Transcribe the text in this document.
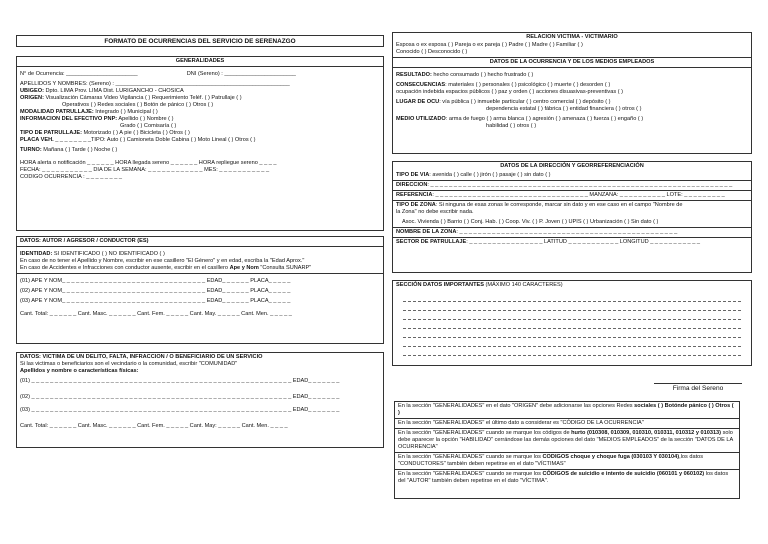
FORMATO DE OCURRENCIAS DEL SERVICIO DE SERENAZGO
GENERALIDADES
N° de Ocurrencia: _______________________	DNI (Sereno) : _______________________
APELLIDOS Y NOMBRES: (Sereno) : ________________________________________________________
UBIGEO: Dpto. LIMA Prov. LIMA Dist. LURIGANCHO - CHOSICA
ORIGEN: Visualización Cámaras Video Vigilancia ( ) Requerimiento Teléf. ( ) Patrullaje ( )
Operativos ( ) Redes sociales ( ) Botón de pánico ( ) Otros ( )
MODALIDAD PATRULLAJE: Integrado ( ) Municipal ( )
INFORMACIÓN DEL EFECTIVO PNP: Apellido ( ) Nombre ( )
Grado ( ) Comisaría ( )
TIPO DE PATRULLAJE: Motorizado ( ) A pie ( ) Bicicleta ( ) Otros ( )
PLACA VEH. _ _ _ _ _ _ _ _TIPO: Auto ( ) Camioneta Doble Cabina ( ) Moto Lineal ( ) Otros ( )
TURNO: Mañana ( ) Tarde ( ) Noche ( )
HORA alerta o notificación _ _ _ _ _ _ HORA llegada sereno _ _ _ _ _ _ HORA repliegue sereno _ _ _ _
FECHA: _ _ _ _ _ _ _ _ _ _ _ DIA DE LA SEMANA: _ _ _ _ _ _ _ _ _ _ _ _ MES: _ _ _ _ _ _ _ _ _ _ _
CÓDIGO OCURRENCIA : _ _ _ _ _ _ _ _
DATOS: AUTOR / AGRESOR / CONDUCTOR (ES)
IDENTIDAD: SI IDENTIFICADO ( ) NO IDENTIFICADO ( )
En caso de no tener el Apellido y Nombre, escribir en ese casillero "El Género" y en edad, escriba la "Edad Aprox."
En caso de Accidentes e Infracciones con conductor ausente, escribir en el casillero Ape y Nom "Consulta SUNARP"
(01) APE Y NOM_ _ _ _ _ _ _ _ _ _ _ _ _ _ _ _ _ _ _ _ _ _ _ _ _ _ _ _ _ _ _ EDAD_ _ _ _ _ _ PLACA_ _ _ _ _
(02) APE Y NOM_ _ _ _ _ _ _ _ _ _ _ _ _ _ _ _ _ _ _ _ _ _ _ _ _ _ _ _ _ _ _ EDAD_ _ _ _ _ _ PLACA_ _ _ _ _
(03) APE Y NOM_ _ _ _ _ _ _ _ _ _ _ _ _ _ _ _ _ _ _ _ _ _ _ _ _ _ _ _ _ _ _ EDAD_ _ _ _ _ _ PLACA_ _ _ _ _
Cant. Total: _ _ _ _ _ _ Cant. Masc. _ _ _ _ _ _ Cant. Fem. _ _ _ _ _ Cant. May. _ _ _ _ _ Cant. Men. _ _ _ _ _
DATOS: VICTIMA DE UN DELITO, FALTA, INFRACCION / O BENEFICIARIO DE UN SERVICIO
Si las victimas o beneficiarios son el vecindario o la comunidad, escribir "COMUNIDAD"
Apellidos y nombre o características físicas:
(01) _ _ _ _ _ _ _ _ _ _ _ _ _ _ _ _ _ _ _ _ _ _ _ _ _ _ _ _ _ _ _ _ _ _ _ _ _ _ _ _ _ _ _ _ _ _ _ _ _ _ _ _ _ _ _ _ EDAD_ _ _ _ _ _ _
(02) _ _ _ _ _ _ _ _ _ _ _ _ _ _ _ _ _ _ _ _ _ _ _ _ _ _ _ _ _ _ _ _ _ _ _ _ _ _ _ _ _ _ _ _ _ _ _ _ _ _ _ _ _ _ _ _ EDAD_ _ _ _ _ _ _
(03) _ _ _ _ _ _ _ _ _ _ _ _ _ _ _ _ _ _ _ _ _ _ _ _ _ _ _ _ _ _ _ _ _ _ _ _ _ _ _ _ _ _ _ _ _ _ _ _ _ _ _ _ _ _ _ _ EDAD_ _ _ _ _ _ _
Cant. Total: _ _ _ _ _ _ Cant. Masc. _ _ _ _ _ _ Cant. Fem. _ _ _ _ _ Cant. May: _ _ _ _ _ Cant. Men. _ _ _ _
RELACION VICTIMA - VICTIMARIO
Esposa o ex esposa ( ) Pareja o ex pareja ( ) Padre ( ) Madre ( ) Familiar ( )
Conocido ( ) Desconocido ( )
DATOS DE LA OCURRENCIA Y DE LOS MEDIOS EMPLEADOS
RESULTADO: hecho consumado ( ) hecho frustrado ( )
CONSECUENCIAS: materiales ( ) personales ( ) psicológico ( ) muerte ( ) desorden ( )
ocupación indebida espacios públicos ( ) paz y orden ( ) acciones disuasivas-preventivas ( )
LUGAR DE OCU: vía pública ( ) inmueble particular ( ) centro comercial ( ) depósito ( )
dependencia estatal ( ) fábrica ( ) entidad financiera ( ) otros ( )
MEDIO UTILIZADO: arma de fuego ( ) arma blanca ( ) agresión ( ) amenaza ( ) fuerza ( ) engaño ( )
habilidad ( ) otros ( )
DATOS DE LA DIRECCIÓN Y GEORREFERENCIACIÓN
TIPO DE VÍA: avenida ( ) calle ( ) jirón ( ) pasaje ( ) sin dato ( )
DIRECCIÓN: _ _ _ _ _ _ _ _ _ _ _ _ _ _ _ _ _ _ _ _ _ _ _ _ _ _ _ _ _ _ _ _ _ _ _ _ _ _ _ _ _ _ _ _ _ _ _ _ _ _ _ _ _ _ _ _ _ _ _ _ _ _ _ _ _
REFERENCIA: _ _ _ _ _ _ _ _ _ _ _ _ _ _ _ _ _ _ _ _ _ _ _ _ _ _ _ _ _ _ _ _ _ MANZANA: _ _ _ _ _ _ _ _ _ _ LOTE: _ _ _ _ _ _ _ _ _
TIPO DE ZONA: Si ninguna de esas zonas le corresponde, marcar sin dato y en ese caso en el campo "Nombre de
la Zona" no debe escribir nada.
Asoc. Vivienda ( ) Barrio ( ) Conj. Hab. ( ) Coop. Viv. ( ) P. Joven ( ) UPIS ( ) Urbanización ( ) Sin dato ( )
NOMBRE DE LA ZONA: _ _ _ _ _ _ _ _ _ _ _ _ _ _ _ _ _ _ _ _ _ _ _ _ _ _ _ _ _ _ _ _ _ _ _ _ _ _ _ _ _ _ _ _ _ _ _
SECTOR DE PATRULLAJE: _ _ _ _ _ _ _ _ _ _ _ _ _ _ _ _ LATITUD _ _ _ _ _ _ _ _ _ _ _ LONGITUD _ _ _ _ _ _ _ _ _ _ _
SECCIÓN DATOS IMPORTANTES (MÁXIMO 140 CARACTERES)
Firma del Sereno
En la sección "GENERALIDADES" en el dato "ORIGEN" debe adicionarse las opciones Redes sociales ( ) Botónde pánico ( ) Otros ( )
En la sección "GENERALIDADES" el último dato a considerar es "CÓDIGO DE LA OCURRENCIA"
En la sección "GENERALIDADES" cuando se marque los códigos de hurto (010308, 010309, 010310, 010311, 010312 y 010313) solo debe aparecer la opción "HABILIDAD" cerrándose las demás opciones del dato "MEDIOS EMPLEADOS" de la sección "DATOS DE LA OCURRENCIA"
En la sección "GENERALIDADES" cuando se marque los CODIGOS choque y choque fuga (030103 Y 030104),los datos "CONDUCTORES" también deben repetirse en el dato "VÍCTIMAS"
En la sección "GENERALIDADES" cuando se marque los CÓDIGOS de suicidio e intento de suicidio (060101 y 060102) los datos del "AUTOR" también deben repetirse en el dato "VÍCTIMA".
